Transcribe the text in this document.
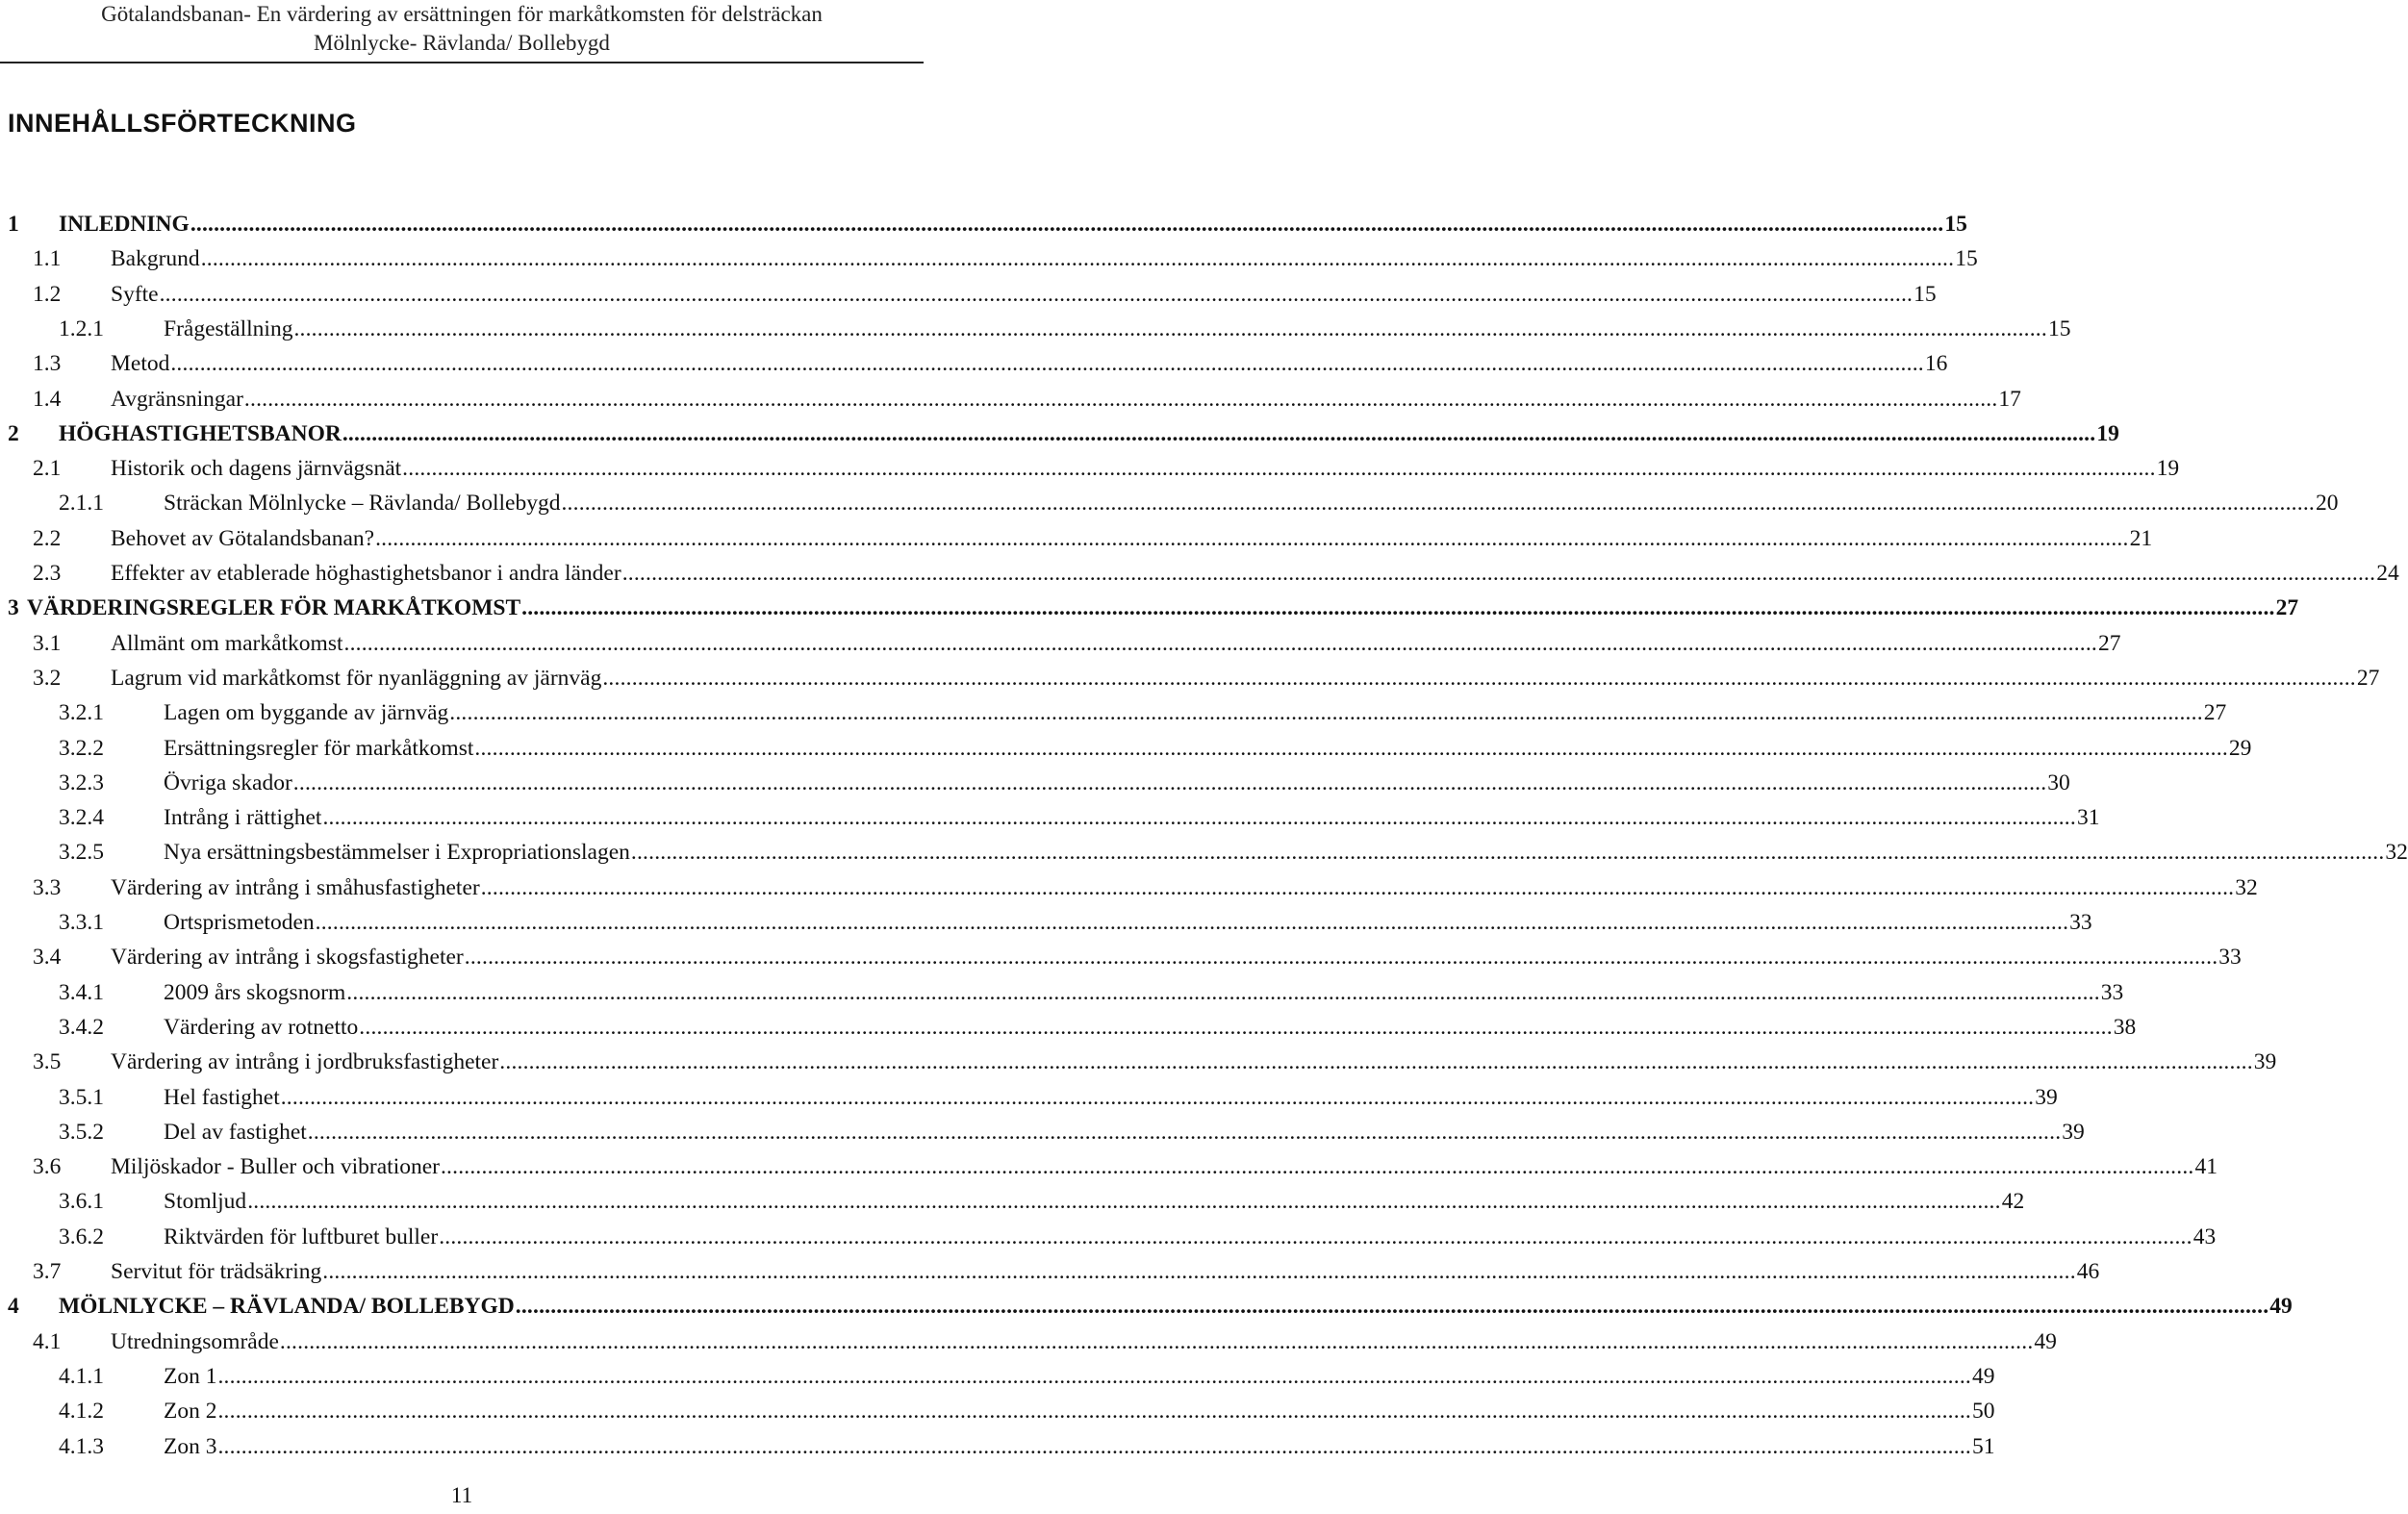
Götalandsbanan- En värdering av ersättningen för markåtkomsten för delsträckan
Mölnlycke- Rävlanda/ Bollebygd
INNEHÅLLSFÖRTECKNING
1 INLEDNING ............................................................................................................................................................................................................................................................................................................ 15
1.1 Bakgrund ............................................................................................................................................................................................................................................................................................................ 15
1.2 Syfte ............................................................................................................................................................................................................................................................................................................ 15
1.2.1	Frågeställning ............................................................................................................................................................................................................................................................................................................ 15
1.3 Metod ............................................................................................................................................................................................................................................................................................................ 16
1.4 Avgränsningar ............................................................................................................................................................................................................................................................................................................ 17
2 HÖGHASTIGHETSBANOR ............................................................................................................................................................................................................................................................................................................ 19
2.1 Historik och dagens järnvägsnät ............................................................................................................................................................................................................................................................................................................ 19
2.1.1	Sträckan Mölnlycke – Rävlanda/ Bollebygd ............................................................................................................................................................................................................................................................................................................ 20
2.2 Behovet av Götalandsbanan? ............................................................................................................................................................................................................................................................................................................ 21
2.3 Effekter av etablerade höghastighetsbanor i andra länder ............................................................................................................................................................................................................................................................................................................ 24
3 VÄRDERINGSREGLER FÖR MARKÅTKOMST ............................................................................................................................................................................................................................................................................................................ 27
3.1 Allmänt om markåtkomst ............................................................................................................................................................................................................................................................................................................ 27
3.2 Lagrum vid markåtkomst för nyanläggning av järnväg ............................................................................................................................................................................................................................................................................................................ 27
3.2.1	Lagen om byggande av järnväg ............................................................................................................................................................................................................................................................................................................ 27
3.2.2	Ersättningsregler för markåtkomst ............................................................................................................................................................................................................................................................................................................ 29
3.2.3	Övriga skador ............................................................................................................................................................................................................................................................................................................ 30
3.2.4	Intrång i rättighet ............................................................................................................................................................................................................................................................................................................ 31
3.2.5	Nya ersättningsbestämmelser i Expropriationslagen ............................................................................................................................................................................................................................................................................................................ 32
3.3 Värdering av intrång i småhusfastigheter ............................................................................................................................................................................................................................................................................................................ 32
3.3.1	Ortsprismetoden ............................................................................................................................................................................................................................................................................................................ 33
3.4 Värdering av intrång i skogsfastigheter ............................................................................................................................................................................................................................................................................................................ 33
3.4.1	2009 års skogsnorm ............................................................................................................................................................................................................................................................................................................ 33
3.4.2	Värdering av rotnetto ............................................................................................................................................................................................................................................................................................................ 38
3.5 Värdering av intrång i jordbruksfastigheter ............................................................................................................................................................................................................................................................................................................ 39
3.5.1	Hel fastighet ............................................................................................................................................................................................................................................................................................................ 39
3.5.2	Del av fastighet ............................................................................................................................................................................................................................................................................................................ 39
3.6 Miljöskador - Buller och vibrationer ............................................................................................................................................................................................................................................................................................................ 41
3.6.1	Stomljud ............................................................................................................................................................................................................................................................................................................ 42
3.6.2	Riktvärden för luftburet buller ............................................................................................................................................................................................................................................................................................................ 43
3.7 Servitut för trädsäkring ............................................................................................................................................................................................................................................................................................................ 46
4 MÖLNLYCKE – RÄVLANDA/ BOLLEBYGD ............................................................................................................................................................................................................................................................................................................ 49
4.1 Utredningsområde ............................................................................................................................................................................................................................................................................................................ 49
4.1.1	Zon 1 ............................................................................................................................................................................................................................................................................................................ 49
4.1.2	Zon 2 ............................................................................................................................................................................................................................................................................................................ 50
4.1.3	Zon 3 ............................................................................................................................................................................................................................................................................................................ 51
11
